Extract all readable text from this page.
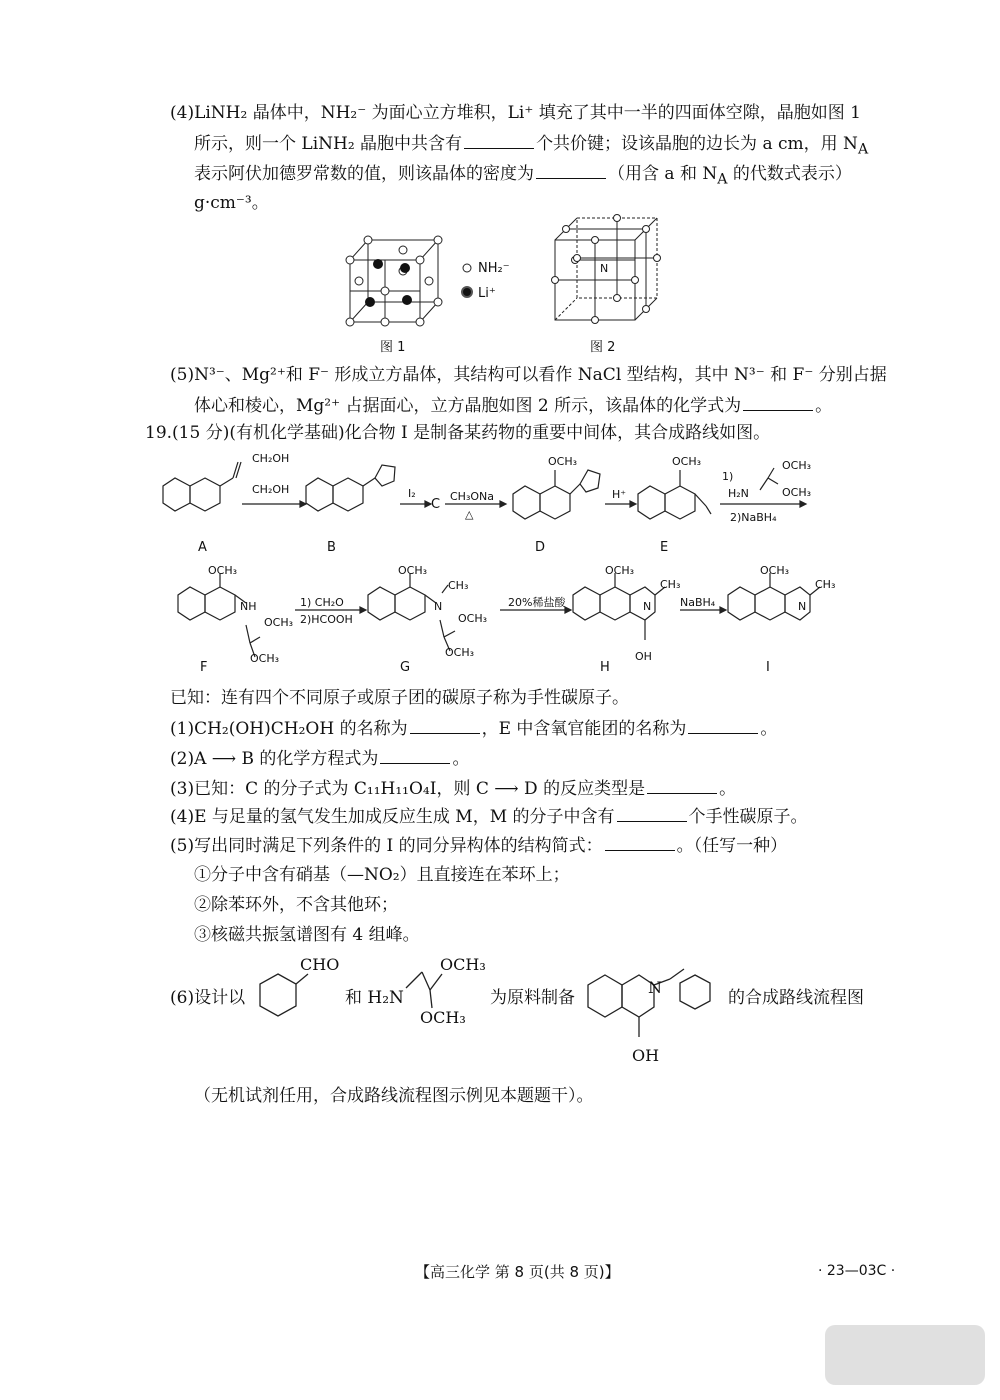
(4)LiNH₂ 晶体中，NH₂⁻ 为面心立方堆积，Li⁺ 填充了其中一半的四面体空隙，晶胞如图 1
所示，则一个 LiNH₂ 晶胞中共含有	个共价键；设该晶胞的边长为 a cm，用 $N_A$
表示阿伏加德罗常数的值，则该晶体的密度为	（用含 a 和 $N_A$ 的代数式表示）
g·cm⁻³。
NH₂⁻
Li⁺
图 1
N
图 2
(5)N³⁻、Mg²⁺和 F⁻ 形成立方晶体，其结构可以看作 NaCl 型结构，其中 N³⁻ 和 F⁻ 分别占据
体心和棱心，Mg²⁺ 占据面心，立方晶胞如图 2 所示，该晶体的化学式为	。
19.(15 分)(有机化学基础)化合物 I 是制备某药物的重要中间体，其合成路线如图。
CH₂OH
CH₂OH	I₂
C
CH₃ONa
△
OCH₃
H⁺
OCH₃
1)
H₂N
OCH₃
OCH₃
2)NaBH₄
A	B	D	E
OCH₃
NH
OCH₃
OCH₃
1) CH₂O
2)HCOOH
OCH₃
N
CH₃
OCH₃
OCH₃
20%稀盐酸
OCH₃
N
CH₃
OH
NaBH₄
OCH₃
N
CH₃
F	G	H	I
已知：连有四个不同原子或原子团的碳原子称为手性碳原子。
(1)CH₂(OH)CH₂OH 的名称为	，E 中含氧官能团的名称为	。
(2)A ⟶ B 的化学方程式为	。
(3)已知：C 的分子式为 C₁₁H₁₁O₄I，则 C ⟶ D 的反应类型是	。
(4)E 与足量的氢气发生加成反应生成 M，M 的分子中含有	个手性碳原子。
(5)写出同时满足下列条件的 I 的同分异构体的结构简式：	。（任写一种）
①分子中含有硝基（—NO₂）且直接连在苯环上；
②除苯环外，不含其他环；
③核磁共振氢谱图有 4 组峰。
(6)设计以
CHO
和 H₂N
OCH₃
OCH₃
为原料制备
N
OH
的合成路线流程图
（无机试剂任用，合成路线流程图示例见本题题干）。
【高三化学 第 8 页(共 8 页)】	· 23—03C ·
